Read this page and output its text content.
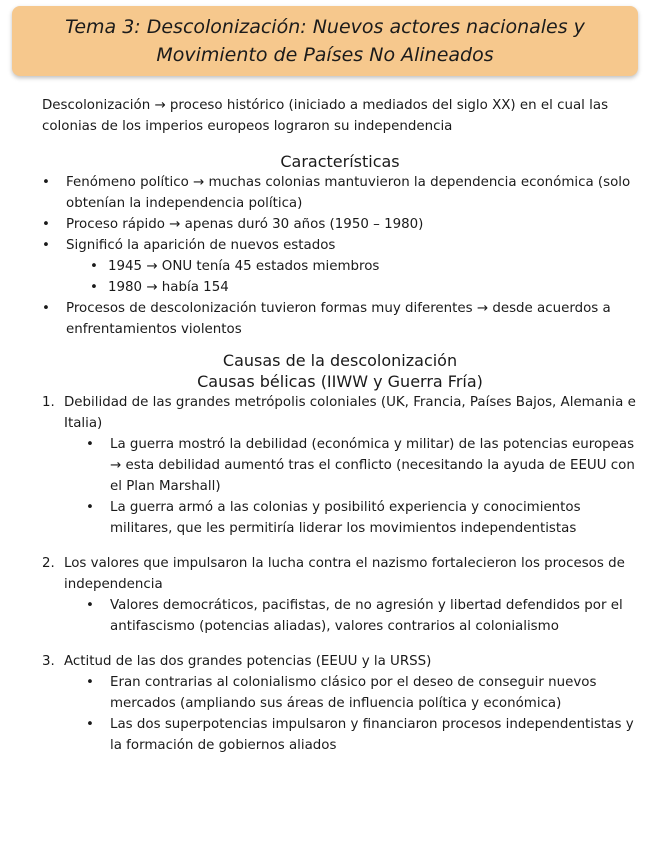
Tema 3: Descolonización: Nuevos actores nacionales y
Movimiento de Países No Alineados

Descolonización → proceso histórico (iniciado a mediados del siglo XX) en el cual las colonias de los imperios europeos lograron su independencia

Características
• Fenómeno político → muchas colonias mantuvieron la dependencia económica (solo obtenían la independencia política)
• Proceso rápido → apenas duró 30 años (1950 – 1980)
• Significó la aparición de nuevos estados
• 1945 → ONU tenía 45 estados miembros
• 1980 → había 154
• Procesos de descolonización tuvieron formas muy diferentes → desde acuerdos a enfrentamientos violentos
Causas de la descolonización
Causas bélicas (IIWW y Guerra Fría)
1. Debilidad de las grandes metrópolis coloniales (UK, Francia, Países Bajos, Alemania e Italia)
• La guerra mostró la debilidad (económica y militar) de las potencias europeas → esta debilidad aumentó tras el conflicto (necesitando la ayuda de EEUU con el Plan Marshall)
• La guerra armó a las colonias y posibilitó experiencia y conocimientos militares, que les permitiría liderar los movimientos independentistas
2. Los valores que impulsaron la lucha contra el nazismo fortalecieron los procesos de independencia
• Valores democráticos, pacifistas, de no agresión y libertad defendidos por el antifascismo (potencias aliadas), valores contrarios al colonialismo
3. Actitud de las dos grandes potencias (EEUU y la URSS)
• Eran contrarias al colonialismo clásico por el deseo de conseguir nuevos mercados (ampliando sus áreas de influencia política y económica)
• Las dos superpotencias impulsaron y financiaron procesos independentistas y la formación de gobiernos aliados
